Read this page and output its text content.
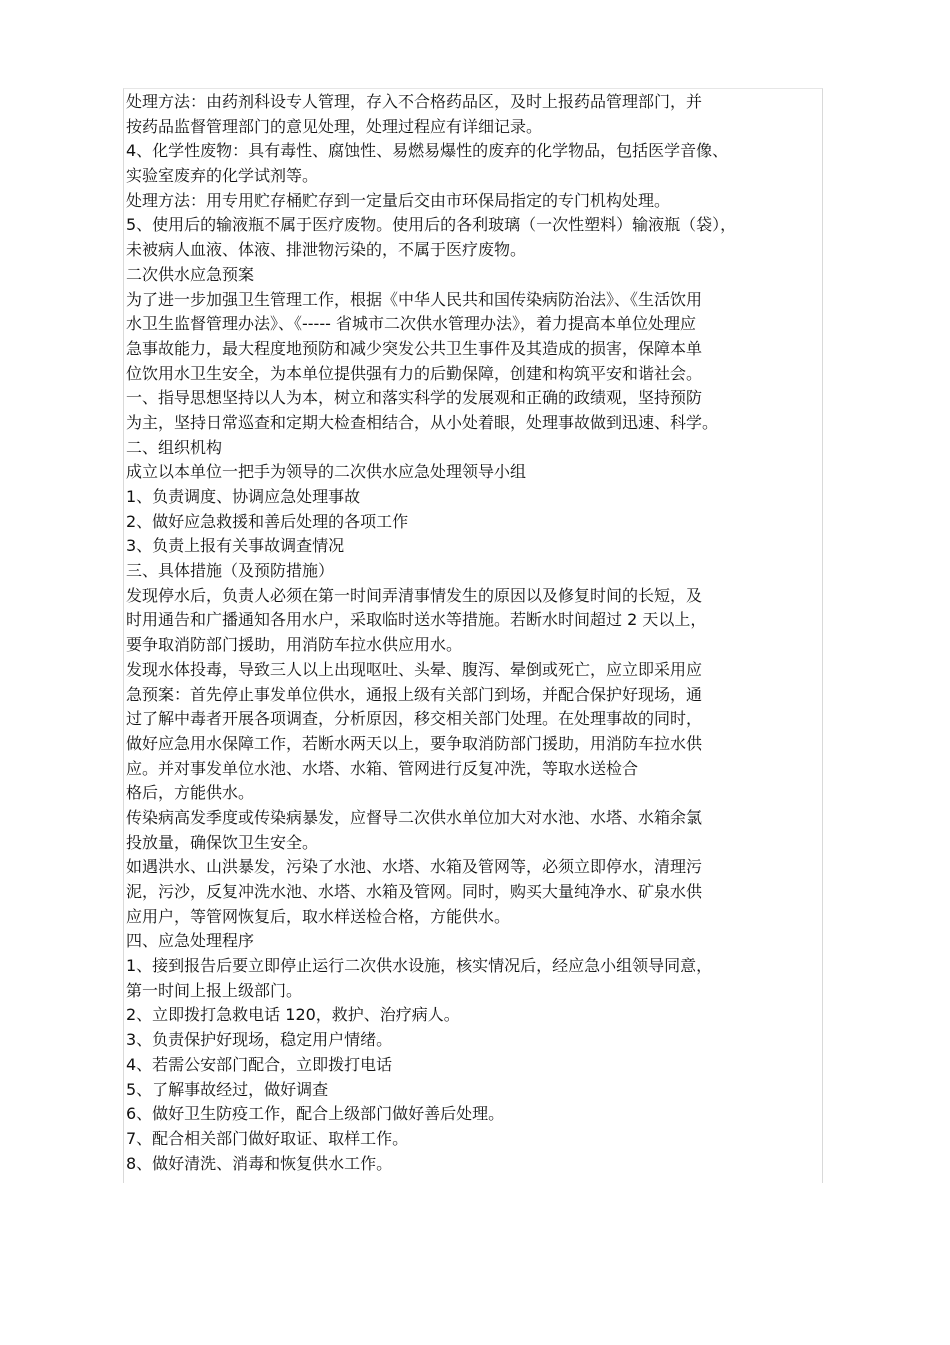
处理方法：由药剂科设专人管理，存入不合格药品区，及时上报药品管理部门，并
按药品监督管理部门的意见处理，处理过程应有详细记录。
4、化学性废物：具有毒性、腐蚀性、易燃易爆性的废弃的化学物品，包括医学音像、
实验室废弃的化学试剂等。
处理方法：用专用贮存桶贮存到一定量后交由市环保局指定的专门机构处理。
5、使用后的输液瓶不属于医疗废物。使用后的各利玻璃（一次性塑料）输液瓶（袋），
未被病人血液、体液、排泄物污染的，不属于医疗废物。
二次供水应急预案
为了进一步加强卫生管理工作，根据《中华人民共和国传染病防治法》、《生活饮用
水卫生监督管理办法》、《----- 省城市二次供水管理办法》，着力提高本单位处理应
急事故能力，最大程度地预防和减少突发公共卫生事件及其造成的损害，保障本单
位饮用水卫生安全，为本单位提供强有力的后勤保障，创建和构筑平安和谐社会。
一、指导思想坚持以人为本，树立和落实科学的发展观和正确的政绩观，坚持预防
为主，坚持日常巡查和定期大检查相结合，从小处着眼，处理事故做到迅速、科学。
二、组织机构
成立以本单位一把手为领导的二次供水应急处理领导小组
1、负责调度、协调应急处理事故
2、做好应急救援和善后处理的各项工作
3、负责上报有关事故调查情况
三、具体措施（及预防措施）
发现停水后，负责人必须在第一时间弄清事情发生的原因以及修复时间的长短，及
时用通告和广播通知各用水户，采取临时送水等措施。若断水时间超过 2 天以上，
要争取消防部门援助，用消防车拉水供应用水。
发现水体投毒，导致三人以上出现呕吐、头晕、腹泻、晕倒或死亡，应立即采用应
急预案：首先停止事发单位供水，通报上级有关部门到场，并配合保护好现场，通
过了解中毒者开展各项调查，分析原因，移交相关部门处理。在处理事故的同时，
做好应急用水保障工作，若断水两天以上，要争取消防部门援助，用消防车拉水供
应。并对事发单位水池、水塔、水箱、管网进行反复冲洗，等取水送检合
格后，方能供水。
传染病高发季度或传染病暴发，应督导二次供水单位加大对水池、水塔、水箱余氯
投放量，确保饮卫生安全。
如遇洪水、山洪暴发，污染了水池、水塔、水箱及管网等，必须立即停水，清理污
泥，污沙，反复冲洗水池、水塔、水箱及管网。同时，购买大量纯净水、矿泉水供
应用户，等管网恢复后，取水样送检合格，方能供水。
四、应急处理程序
1、接到报告后要立即停止运行二次供水设施，核实情况后，经应急小组领导同意，
第一时间上报上级部门。
2、立即拨打急救电话 120，救护、治疗病人。
3、负责保护好现场，稳定用户情绪。
4、若需公安部门配合，立即拨打电话
5、了解事故经过，做好调查
6、做好卫生防疫工作，配合上级部门做好善后处理。
7、配合相关部门做好取证、取样工作。
8、做好清洗、消毒和恢复供水工作。
